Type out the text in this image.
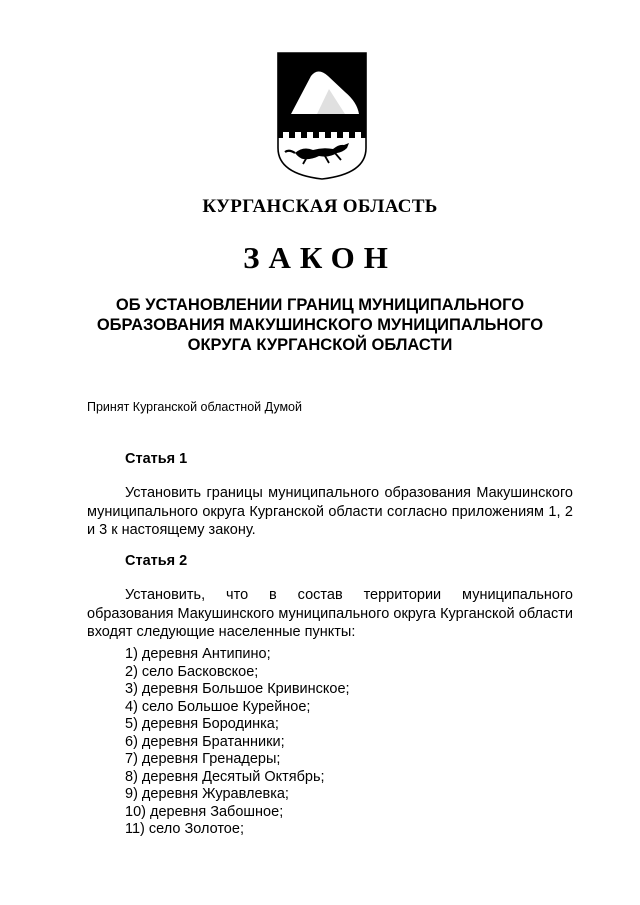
КУРГАНСКАЯ ОБЛАСТЬ
ЗАКОН
ОБ УСТАНОВЛЕНИИ ГРАНИЦ МУНИЦИПАЛЬНОГО
ОБРАЗОВАНИЯ МАКУШИНСКОГО МУНИЦИПАЛЬНОГО
ОКРУГА КУРГАНСКОЙ ОБЛАСТИ
Принят Курганской областной Думой
Статья 1

Установить границы муниципального образования Макушинского муниципального округа Курганской области согласно приложениям 1, 2 и 3 к настоящему закону.

Статья 2

Установить, что в состав территории муниципального образования Макушинского муниципального округа Курганской области входят следующие населенные пункты:

1) деревня Антипино;
2) село Басковское;
3) деревня Большое Кривинское;
4) село Большое Курейное;
5) деревня Бородинка;
6) деревня Братанники;
7) деревня Гренадеры;
8) деревня Десятый Октябрь;
9) деревня Журавлевка;
10) деревня Забошное;
11) село Золотое;
